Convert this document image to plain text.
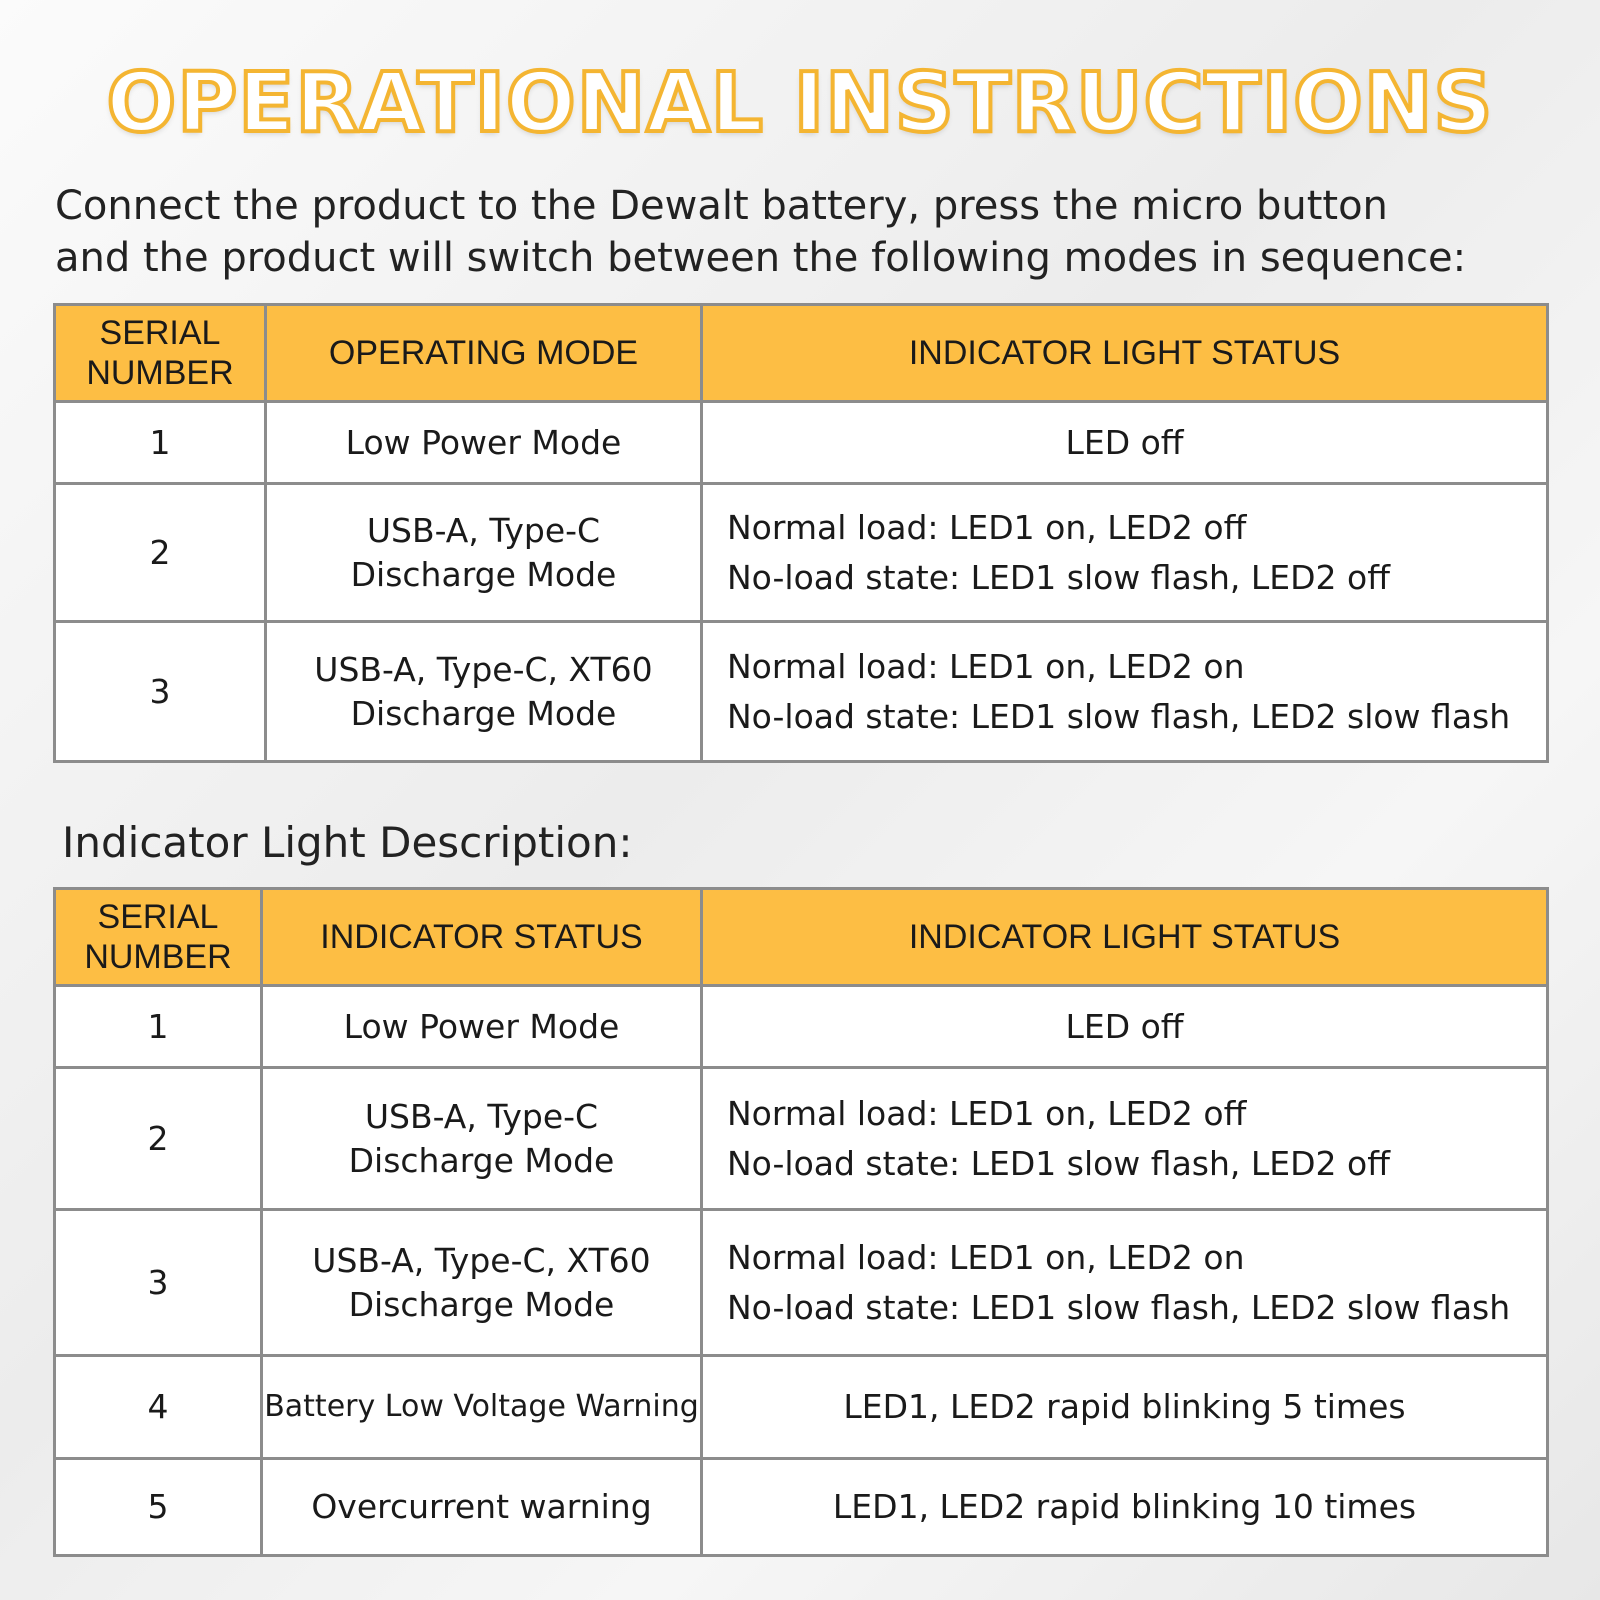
OPERATIONAL INSTRUCTIONS
Connect the product to the Dewalt battery, press the micro button
and the product will switch between the following modes in sequence:
SERIAL
NUMBER	OPERATING MODE	INDICATOR LIGHT STATUS
1	Low Power Mode	LED off

2	USB-A, Type-C
Discharge Mode	Normal load: LED1 on, LED2 off
No-load state: LED1 slow flash, LED2 off

3	USB-A, Type-C, XT60
Discharge Mode	Normal load: LED1 on, LED2 on
No-load state: LED1 slow flash, LED2 slow flash
Indicator Light Description:
SERIAL
NUMBER	INDICATOR STATUS	INDICATOR LIGHT STATUS
1	Low Power Mode	LED off

2	USB-A, Type-C
Discharge Mode	Normal load: LED1 on, LED2 off
No-load state: LED1 slow flash, LED2 off

3	USB-A, Type-C, XT60
Discharge Mode	Normal load: LED1 on, LED2 on
No-load state: LED1 slow flash, LED2 slow flash

4	Battery Low Voltage Warning	LED1, LED2 rapid blinking 5 times

5	Overcurrent warning	LED1, LED2 rapid blinking 10 times
